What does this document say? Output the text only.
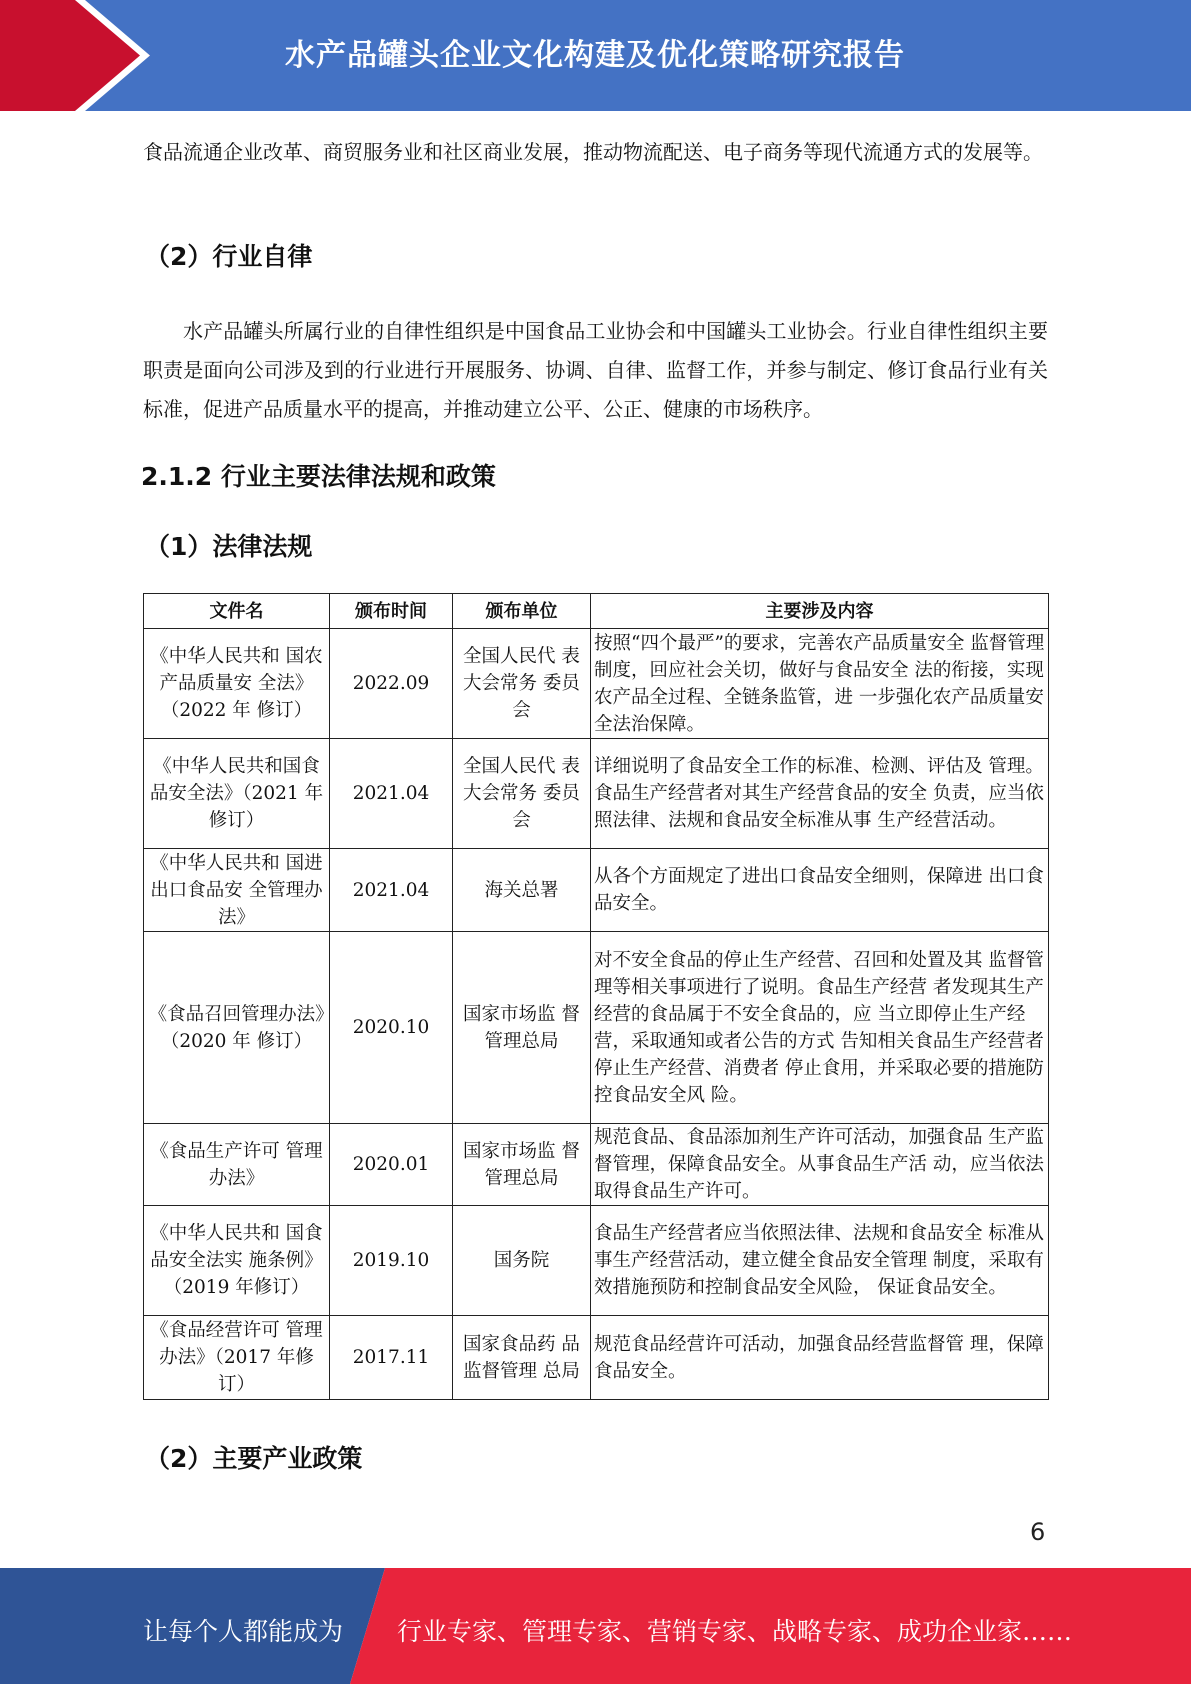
水产品罐头企业文化构建及优化策略研究报告

食品流通企业改革、商贸服务业和社区商业发展，推动物流配送、电子商务等现代流通方式的发展等。

（2）行业自律

水产品罐头所属行业的自律性组织是中国食品工业协会和中国罐头工业协会。行业自律性组织主要职责是面向公司涉及到的行业进行开展服务、协调、自律、监督工作，并参与制定、修订食品行业有关标准，促进产品质量水平的提高，并推动建立公平、公正、健康的市场秩序。

2.1.2 行业主要法律法规和政策
（1）法律法规
文件名	颁布时间	颁布单位	主要涉及内容
《中华人民共和 国农产品质量安 全法》（2022 年 修订）	2022.09	全国人民代 表大会常务 委员会	按照“四个最严”的要求，完善农产品质量安全 监督管理制度，回应社会关切，做好与食品安全 法的衔接，实现农产品全过程、全链条监管，进 一步强化农产品质量安全法治保障。
《中华人民共和国食品安全法》（2021 年修订）	2021.04	全国人民代 表大会常务 委员会	详细说明了食品安全工作的标准、检测、评估及 管理。食品生产经营者对其生产经营食品的安全 负责，应当依照法律、法规和食品安全标准从事 生产经营活动。
《中华人民共和 国进出口食品安 全管理办法》	2021.04	海关总署	从各个方面规定了进出口食品安全细则，保障进 出口食品安全。
《食品召回管理办法》（2020 年 修订）	2020.10	国家市场监 督管理总局	对不安全食品的停止生产经营、召回和处置及其 监督管理等相关事项进行了说明。食品生产经营 者发现其生产经营的食品属于不安全食品的，应 当立即停止生产经营，采取通知或者公告的方式 告知相关食品生产经营者停止生产经营、消费者 停止食用，并采取必要的措施防控食品安全风 险。
《食品生产许可 管理办法》	2020.01	国家市场监 督管理总局	规范食品、食品添加剂生产许可活动，加强食品 生产监督管理，保障食品安全。从事食品生产活 动，应当依法取得食品生产许可。
《中华人民共和 国食品安全法实 施条例》（2019 年修订）	2019.10	国务院	食品生产经营者应当依照法律、法规和食品安全 标准从事生产经营活动，建立健全食品安全管理 制度，采取有效措施预防和控制食品安全风险， 保证食品安全。
《食品经营许可 管理办法》（2017 年修订）	2017.11	国家食品药 品监督管理 总局	规范食品经营许可活动，加强食品经营监督管 理，保障食品安全。
（2）主要产业政策
6
让每个人都能成为 行业专家、管理专家、营销专家、战略专家、成功企业家……
